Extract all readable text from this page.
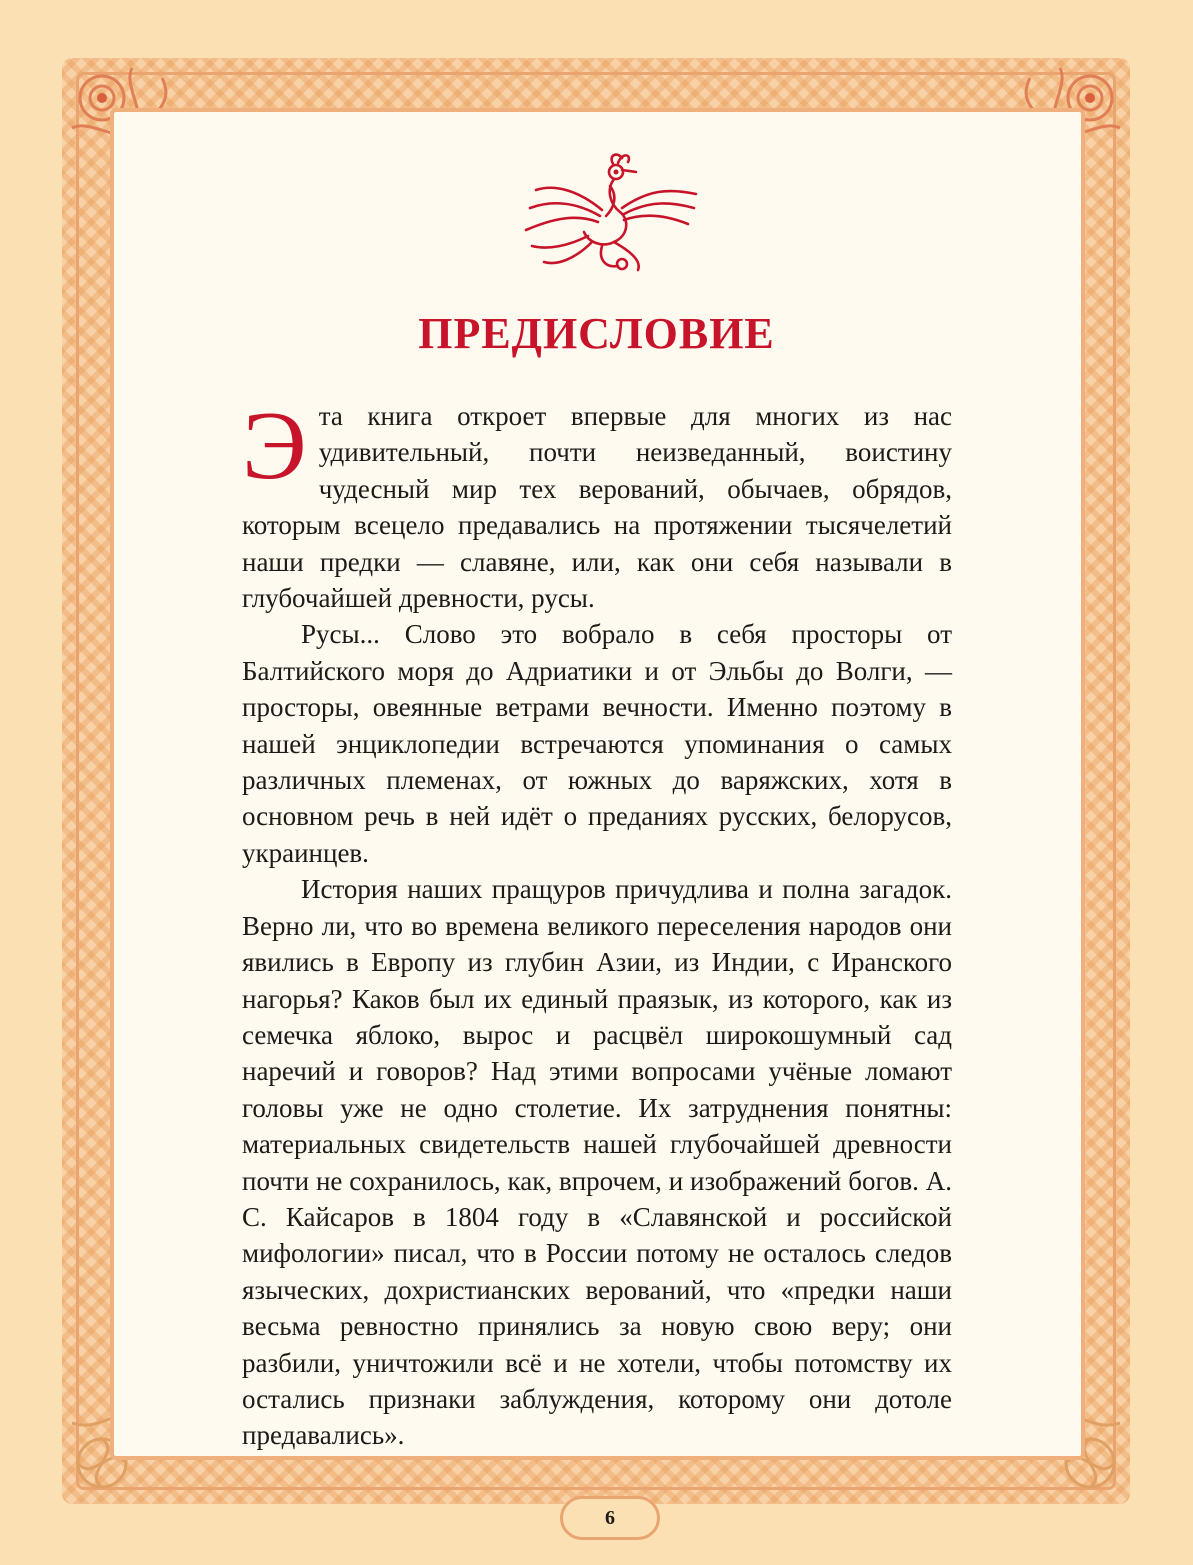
ПРЕДИСЛОВИЕ

Эта книга откроет впервые для многих из нас удивительный, почти неизведанный, воистину чудесный мир тех верований, обычаев, обрядов, которым всецело предавались на протяжении тысячелетий наши предки — славяне, или, как они себя называли в глубочайшей древности, русы.

Русы... Слово это вобрало в себя просторы от Балтийского моря до Адриатики и от Эльбы до Волги, — просторы, овеянные ветрами вечности. Именно поэтому в нашей энциклопедии встречаются упоминания о самых различных племенах, от южных до варяжских, хотя в основном речь в ней идёт о преданиях русских, белорусов, украинцев.

История наших пращуров причудлива и полна загадок. Верно ли, что во времена великого переселения народов они явились в Европу из глубин Азии, из Индии, с Иранского нагорья? Каков был их единый праязык, из которого, как из семечка яблоко, вырос и расцвёл широкошумный сад наречий и говоров? Над этими вопросами учёные ломают головы уже не одно столетие. Их затруднения понятны: материальных свидетельств нашей глубочайшей древности почти не сохранилось, как, впрочем, и изображений богов. А. С. Кайсаров в 1804 году в «Славянской и российской мифологии» писал, что в России потому не осталось следов языческих, дохристианских верований, что «предки наши весьма ревностно принялись за новую свою веру; они разбили, уничтожили всё и не хотели, чтобы потомству их остались признаки заблуждения, которому они дотоле предавались».

6
